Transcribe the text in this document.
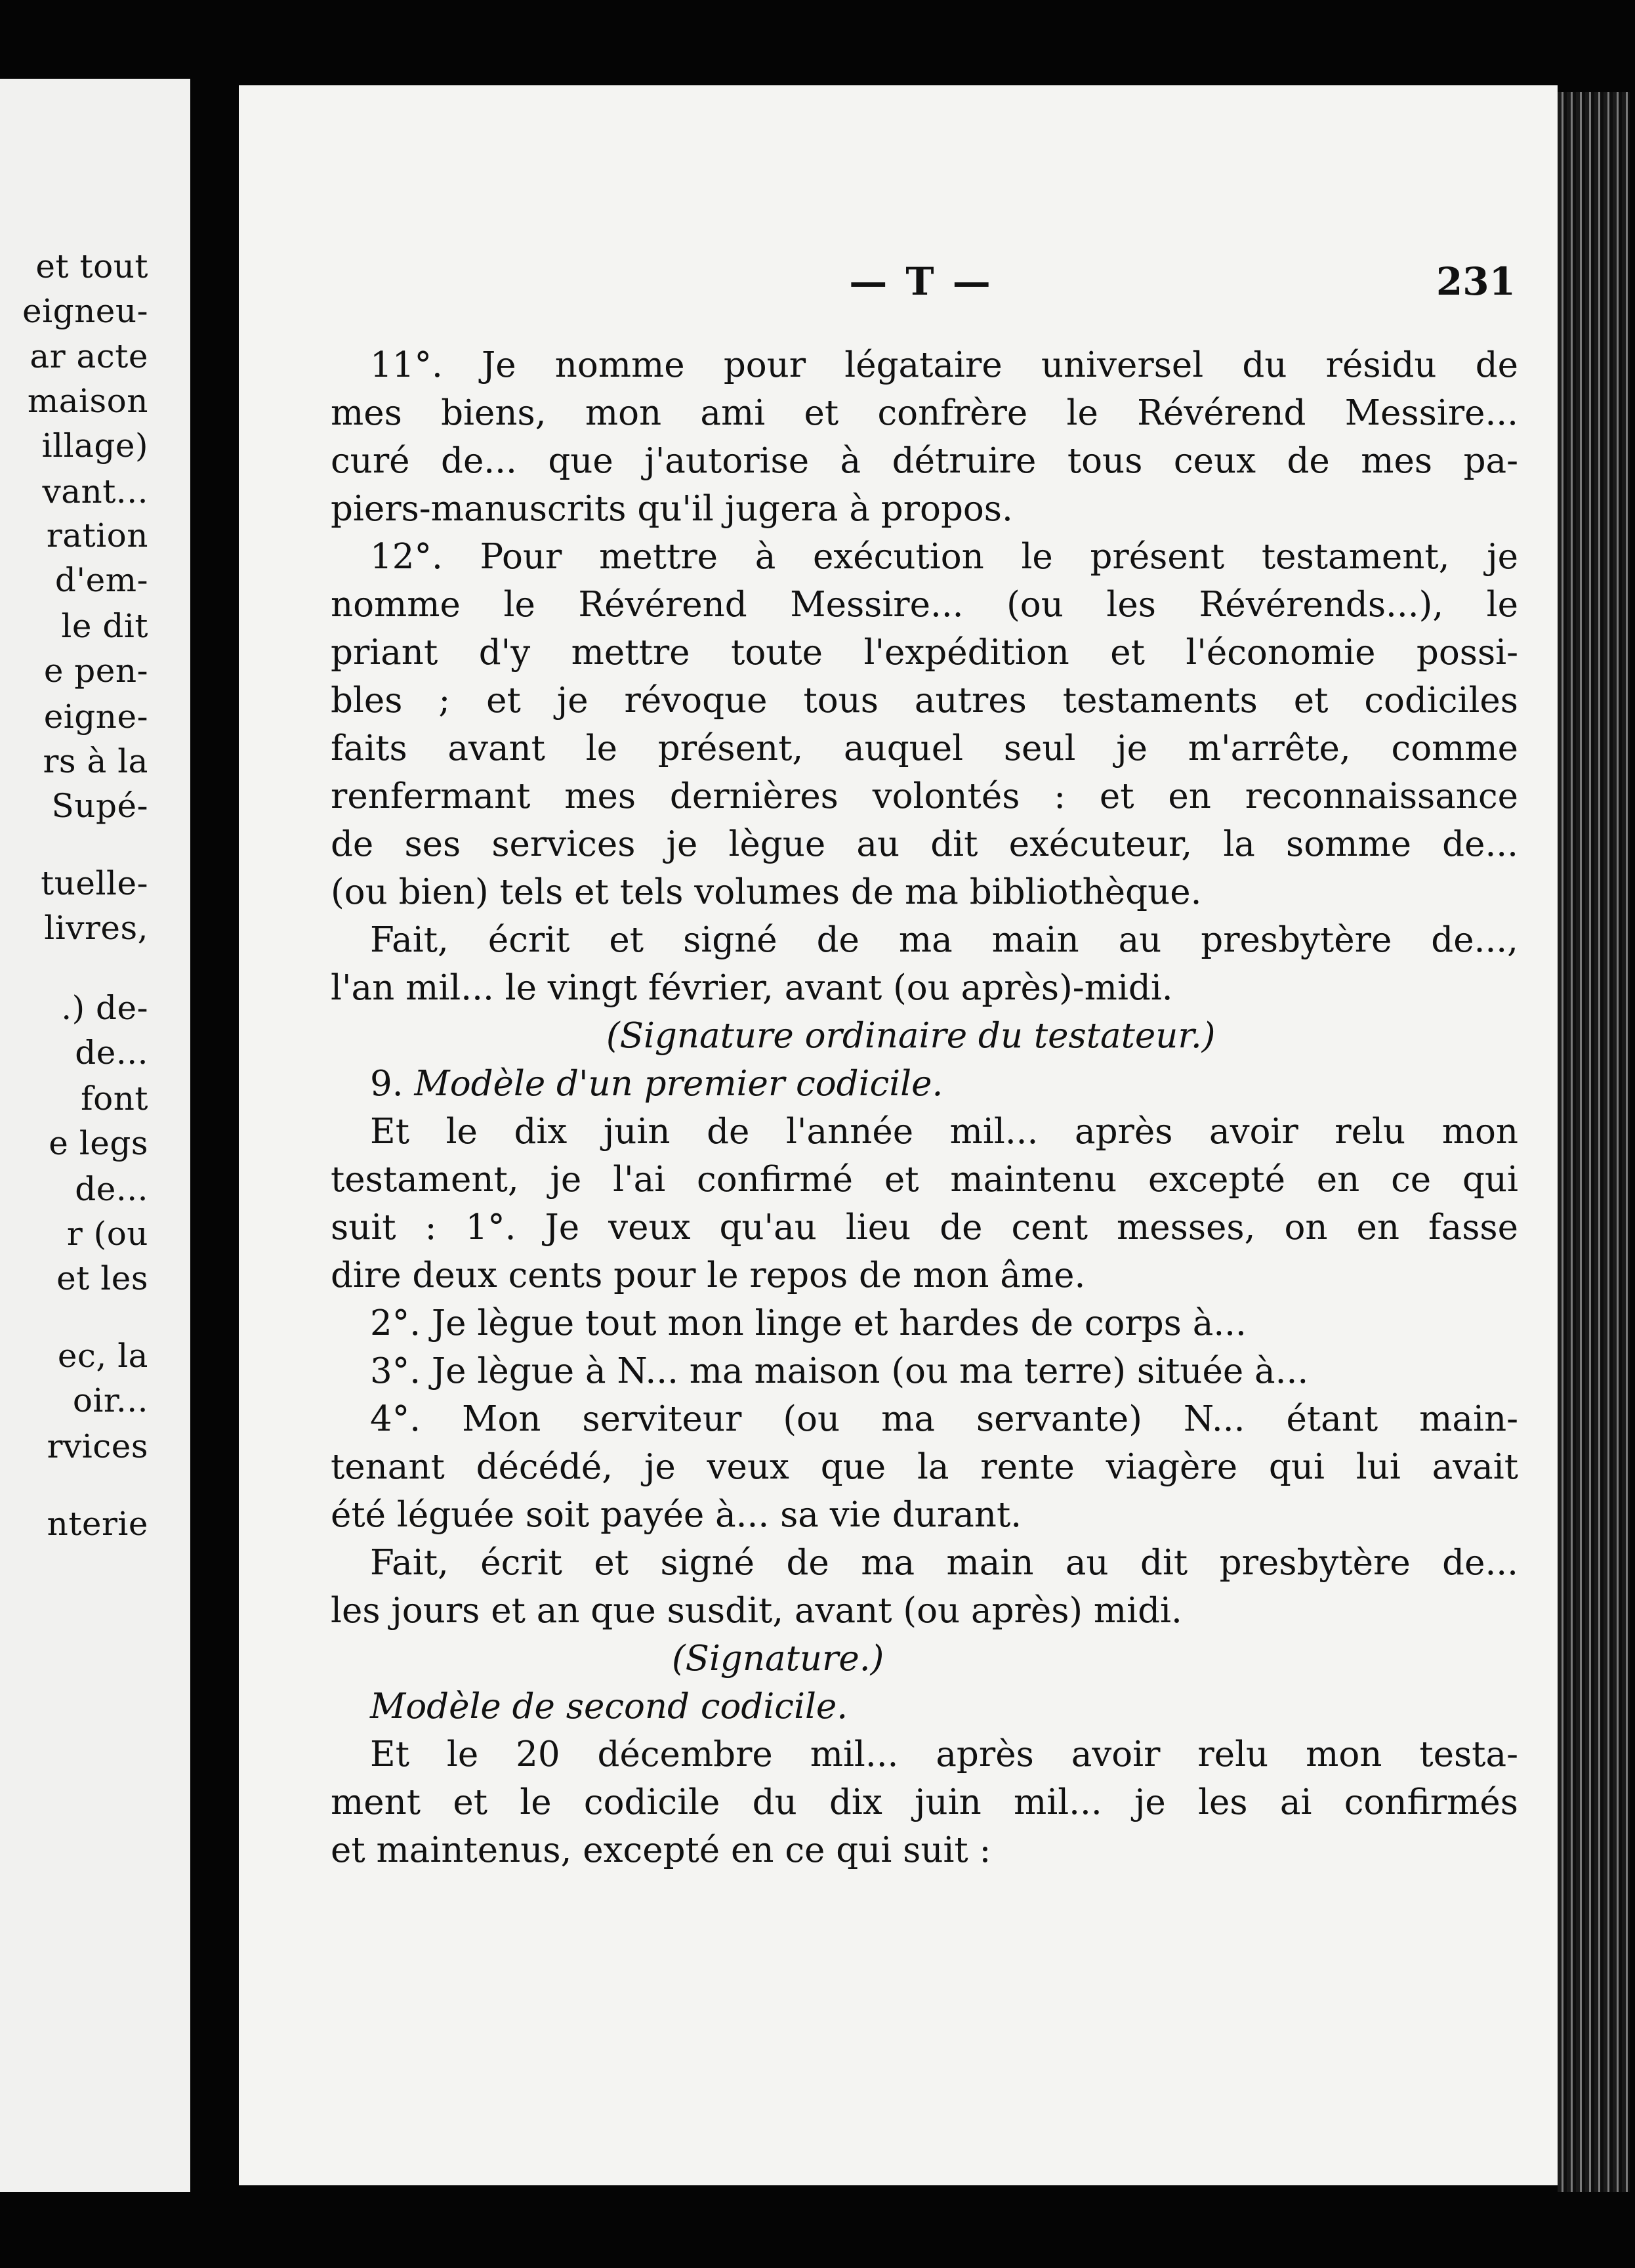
et tout
eigneu-
ar acte
maison
illage)
vant...
ration
d'em-
le dit
e pen-
eigne-
rs à la
Supé-
tuelle-
livres,
.) de-
de...
font
e legs
de...
r (ou
et les
ec, la
oir...
rvices
nterie
— T —	231
11°. Je nomme pour légataire universel du résidu de
mes biens, mon ami et confrère le Révérend Messire...
curé de... que j'autorise à détruire tous ceux de mes pa-
piers-manuscrits qu'il jugera à propos.
12°. Pour mettre à exécution le présent testament, je
nomme le Révérend Messire... (ou les Révérends...), le
priant d'y mettre toute l'expédition et l'économie possi-
bles ; et je révoque tous autres testaments et codiciles
faits avant le présent, auquel seul je m'arrête, comme
renfermant mes dernières volontés : et en reconnaissance
de ses services je lègue au dit exécuteur, la somme de...
(ou bien) tels et tels volumes de ma bibliothèque.
Fait, écrit et signé de ma main au presbytère de...,
l'an mil... le vingt février, avant (ou après)-midi.
(Signature ordinaire du testateur.)
9. Modèle d'un premier codicile.
Et le dix juin de l'année mil... après avoir relu mon
testament, je l'ai confirmé et maintenu excepté en ce qui
suit : 1°. Je veux qu'au lieu de cent messes, on en fasse
dire deux cents pour le repos de mon âme.
2°. Je lègue tout mon linge et hardes de corps à...
3°. Je lègue à N... ma maison (ou ma terre) située à...
4°. Mon serviteur (ou ma servante) N... étant main-
tenant décédé, je veux que la rente viagère qui lui avait
été léguée soit payée à... sa vie durant.
Fait, écrit et signé de ma main au dit presbytère de...
les jours et an que susdit, avant (ou après) midi.
(Signature.)
Modèle de second codicile.
Et le 20 décembre mil... après avoir relu mon testa-
ment et le codicile du dix juin mil... je les ai confirmés
et maintenus, excepté en ce qui suit :
